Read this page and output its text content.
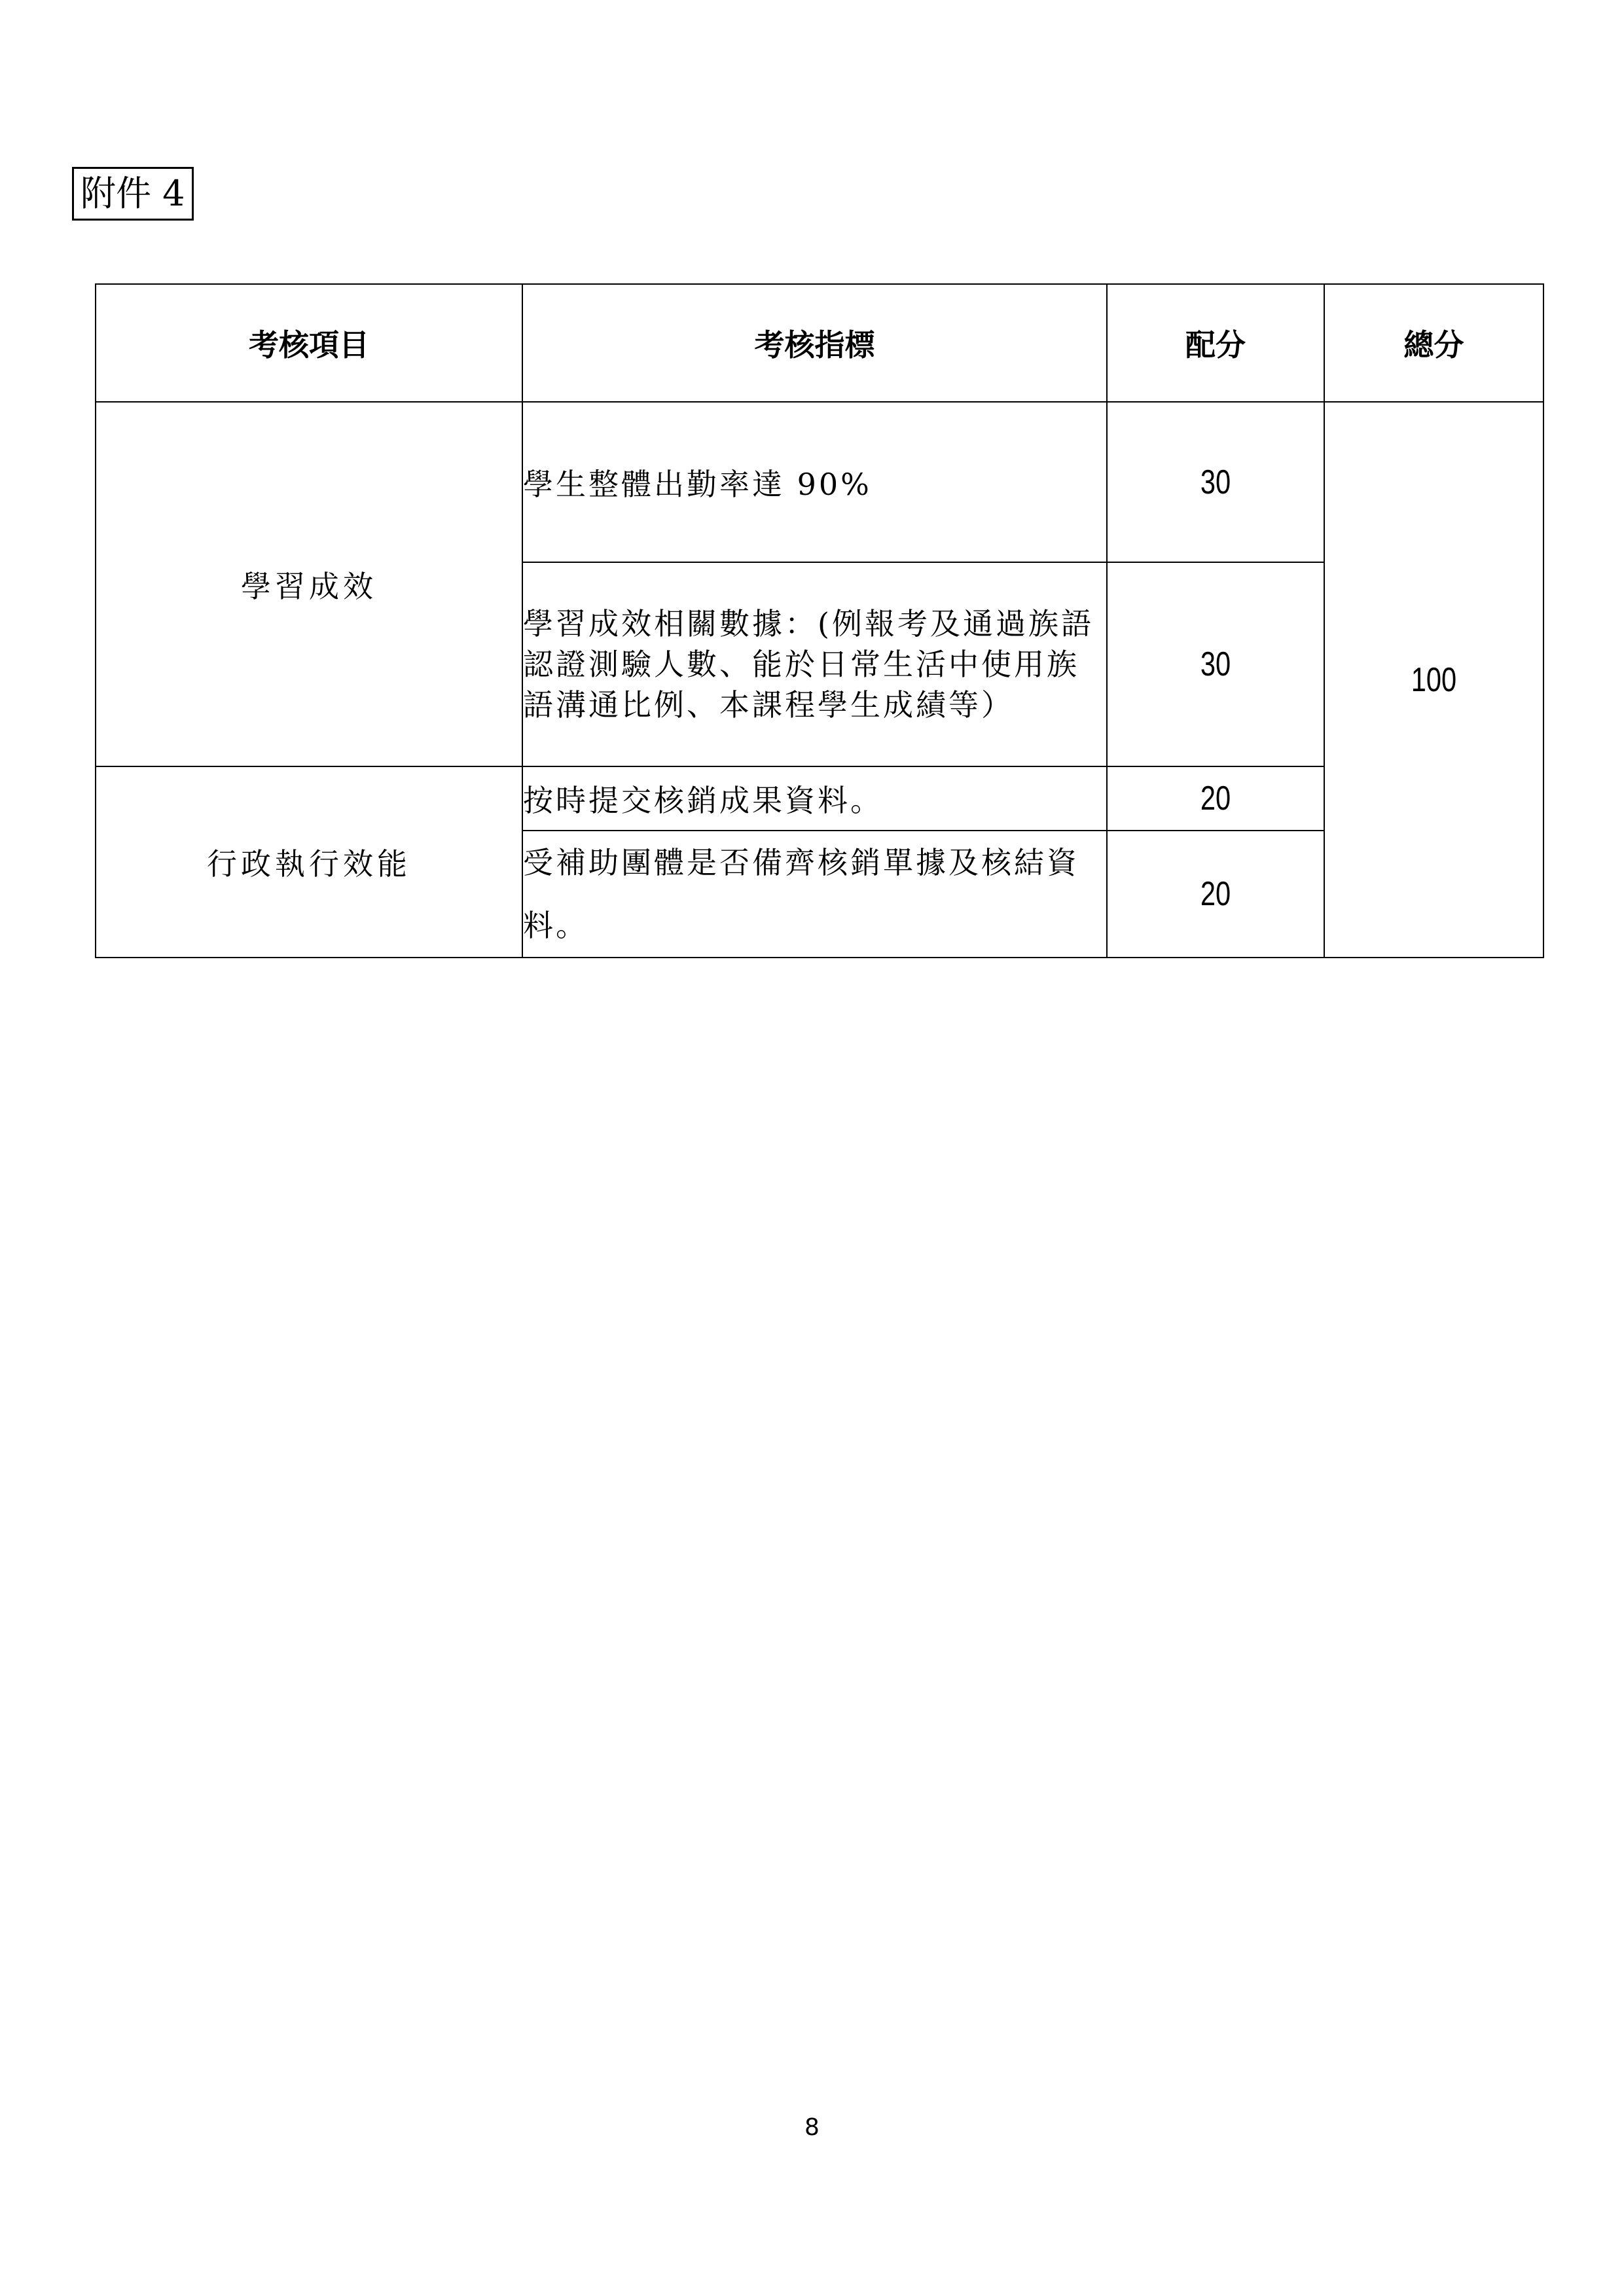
附件 4
考核項目	考核指標	配分	總分
學習成效	學生整體出勤率達 90%	30	100
	學習成效相關數據：(例報考及通過族語認證測驗人數、能於日常生活中使用族語溝通比例、本課程學生成績等）	30	
行政執行效能	按時提交核銷成果資料。	20	
	受補助團體是否備齊核銷單據及核結資料。	20	
8
